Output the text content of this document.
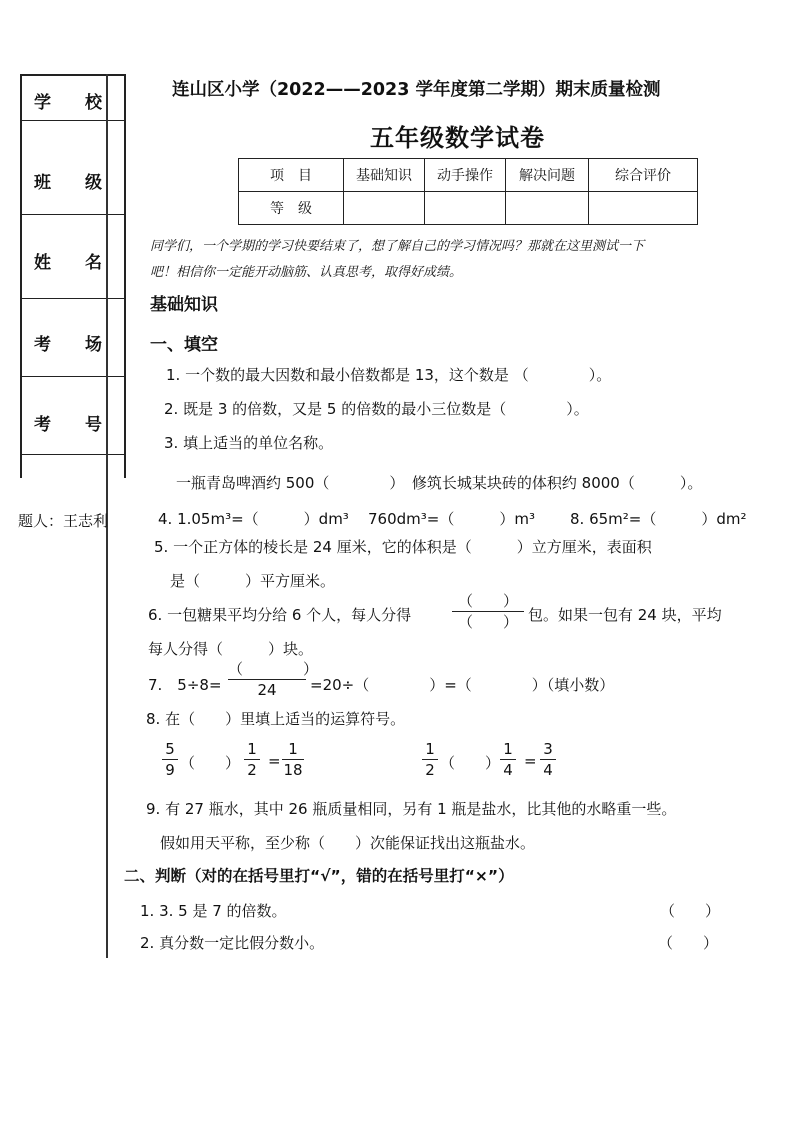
学 校
班 级
姓 名
考 场
考 号
题人：王志利
连山区小学（2022——2023 学年度第二学期）期末质量检测
五年级数学试卷
项　目	基础知识	动手操作	解决问题	综合评价
等　级				
同学们，一个学期的学习快要结束了，想了解自己的学习情况吗？那就在这里测试一下
吧！相信你一定能开动脑筋、认真思考，取得好成绩。
基础知识
一、填空
1. 一个数的最大因数和最小倍数都是 13，这个数是 （　　　　）。
2. 既是 3 的倍数，又是 5 的倍数的最小三位数是（　　　　）。
3. 填上适当的单位名称。
一瓶青岛啤酒约 500（　　　　）　修筑长城某块砖的体积约 8000（　　　）。
4. 1.05m³=（　　　）dm³ 760dm³=（　　　）m³ 8. 65m²=（　　　）dm²
5. 一个正方体的棱长是 24 厘米，它的体积是（　　　）立方厘米，表面积
是（　　　）平方厘米。
6. 一包糖果平均分给 6 个人，每人分得
（　　）
（　　） 包。如果一包有 24 块，平均
每人分得（　　　）块。
7.　5÷8=
（　　　　）
24	=20÷（　　　　）=（　　　　）（填小数）
8. 在（　　）里填上适当的运算符号。
5
9 （　　）
1
2 =
1
18
1
2 （　　）
1
4 =
3
4
9. 有 27 瓶水，其中 26 瓶质量相同，另有 1 瓶是盐水，比其他的水略重一些。
假如用天平称，至少称（　　）次能保证找出这瓶盐水。
二、判断（对的在括号里打“√”，错的在括号里打“×”）
1. 3. 5 是 7 的倍数。	（　　）
2. 真分数一定比假分数小。	（　　）
